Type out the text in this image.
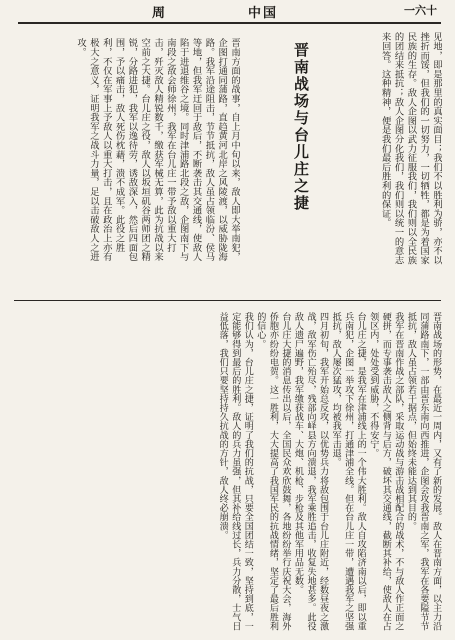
周	中国	一六十
见地，即是那里的真实面目；我们不以胜利为骄，亦不以挫折而馁，但我们的一切努力，一切牺牲，都是为着国家民族的生存。敌人企图以武力征服我们，我们则以全民族的团结来抵抗；敌人企图分化我们，我们则以统一的意志来回答。这种精神，便是我们最后胜利的保证。
晋南战场与台儿庄之捷
晋南方面的战事，自上月中旬以来，敌人即大举南犯，企图打通同蒲路，直趋黄河北岸之风陵渡，以威胁陇海路。我军沿途阻击，节节抵抗，敌人虽占领临汾、侯马等地，但我军迂回于敌后，不断袭击其交通线，使敌人陷于进退维谷之境。同时津浦路北段之敌，企图南下与南段之敌会师徐州，我军在台儿庄一带予敌以重大打击，歼灭敌人精锐数千，缴获军械无算，此为抗战以来空前之大捷。台儿庄之役，敌人以坂垣矶谷两师团之精锐，分路进犯，我军以逸待劳，诱敌深入，然后四面包围，予以痛击，敌人死伤枕藉，溃不成军。此役之胜利，不仅在军事上予敌人以重大打击，且在政治上亦有极大之意义，证明我军之战斗力量，足以击破敌人之进攻。
晋南战场的形势，在最近一周内，又有了新的发展。敌人在晋南方面，以主力沿同蒲路南下，一部由晋东南向西推进，企图会攻我晋南之军，我军在各要隘节节抵抗，敌人虽占领若干据点，但始终未能达到其目的。
我军在晋南作战之部队，采取运动战与游击战相配合的战术，不与敌人作正面之硬拼，而专事袭击敌人之侧背与后方，破坏其交通线，截断其补给，使敌人在占领区内，处处受到威胁，不得安宁。
台儿庄之捷，是我军在津浦线上的一个伟大胜利。敌人自攻陷济南以后，即以重兵南犯，企图一举攻下徐州，打通津浦全线。但在台儿庄一带，遭遇我军之坚强抵抗，敌人屡次猛攻，均被我军击退。
四月初旬，我军开始总反攻，以优势兵力将敌包围于台儿庄附近，经数昼夜之激战，敌军伤亡殆尽，残部向峄县方向溃退，我军乘胜追击，收复失地甚多。此役敌人遗尸遍野，我军缴获战车、大炮、机枪、步枪及其他军用品无数。
台儿庄大捷的消息传出以后，全国民众欢欣鼓舞，各地纷纷举行庆祝大会，海外侨胞亦纷纷电贺。这一胜利，大大提高了我国军民的抗战情绪，坚定了最后胜利的信心。
我们认为，台儿庄之捷，证明了我们的抗战，只要全国团结一致，坚持到底，一定能够得到最后的胜利。敌人的兵力虽强，但其补给线过长，兵力分散，士气日益低落，我们只要坚持持久抗战的方针，敌人终必崩溃。
